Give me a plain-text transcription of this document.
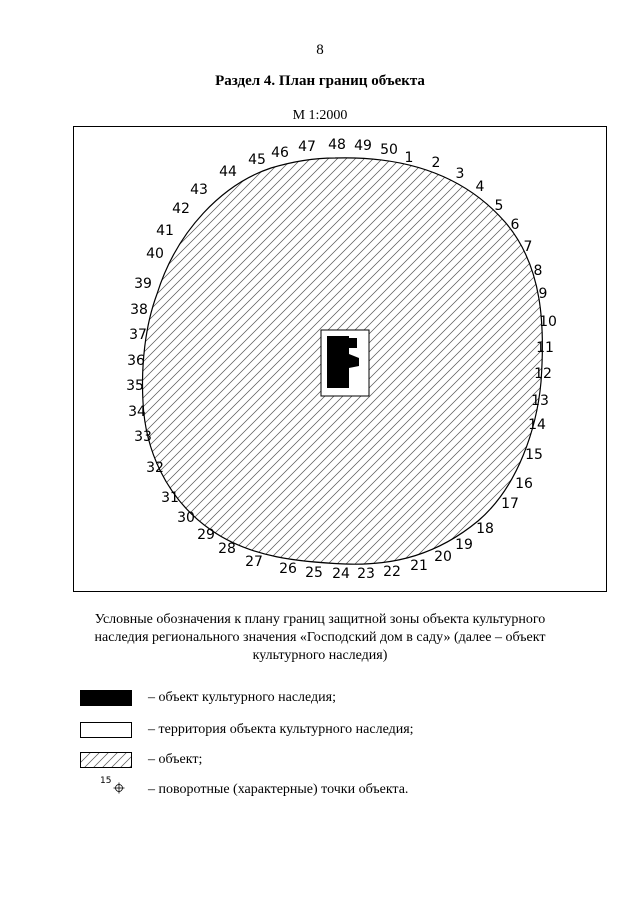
8
Раздел 4. План границ объекта
М 1:2000
1 2
3
4
5
6
7
8
9
10
11
12
13
14
15
16
17
18
19
20
21
22
23
24
25
26
27
28
29
30
31
32
33
34
35
36
37
38
39
40
41
42
43
44
45 46 47 48 49 50
Условные обозначения к плану границ защитной зоны объекта культурного наследия регионального значения «Господский дом в саду» (далее – объект культурного наследия)
– объект культурного наследия;
– территория объекта культурного наследия;
– объект;
15
– поворотные (характерные) точки объекта.
